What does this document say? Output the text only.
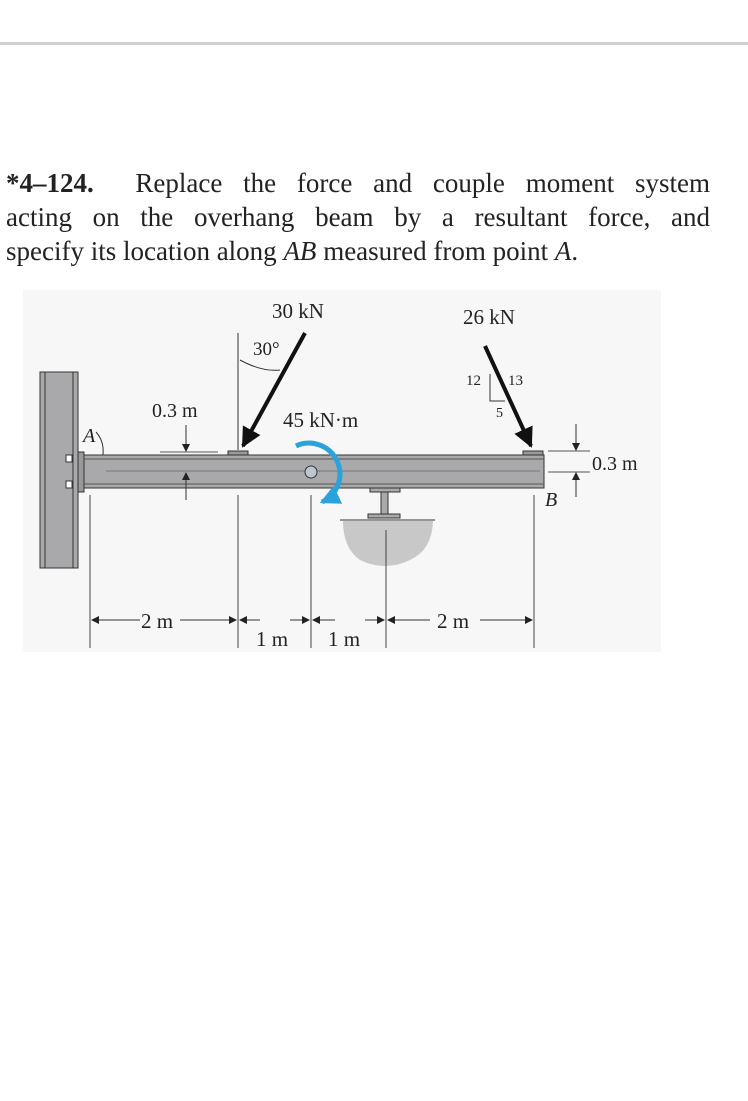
*4–124. Replace the force and couple moment system
acting on the overhang beam by a resultant force, and
specify its location along AB measured from point A.
A
0.3 m
30 kN
30°
45 kN·m
26 kN
12 13
5
0.3 m
B
2 m
1 m 1 m
2 m
